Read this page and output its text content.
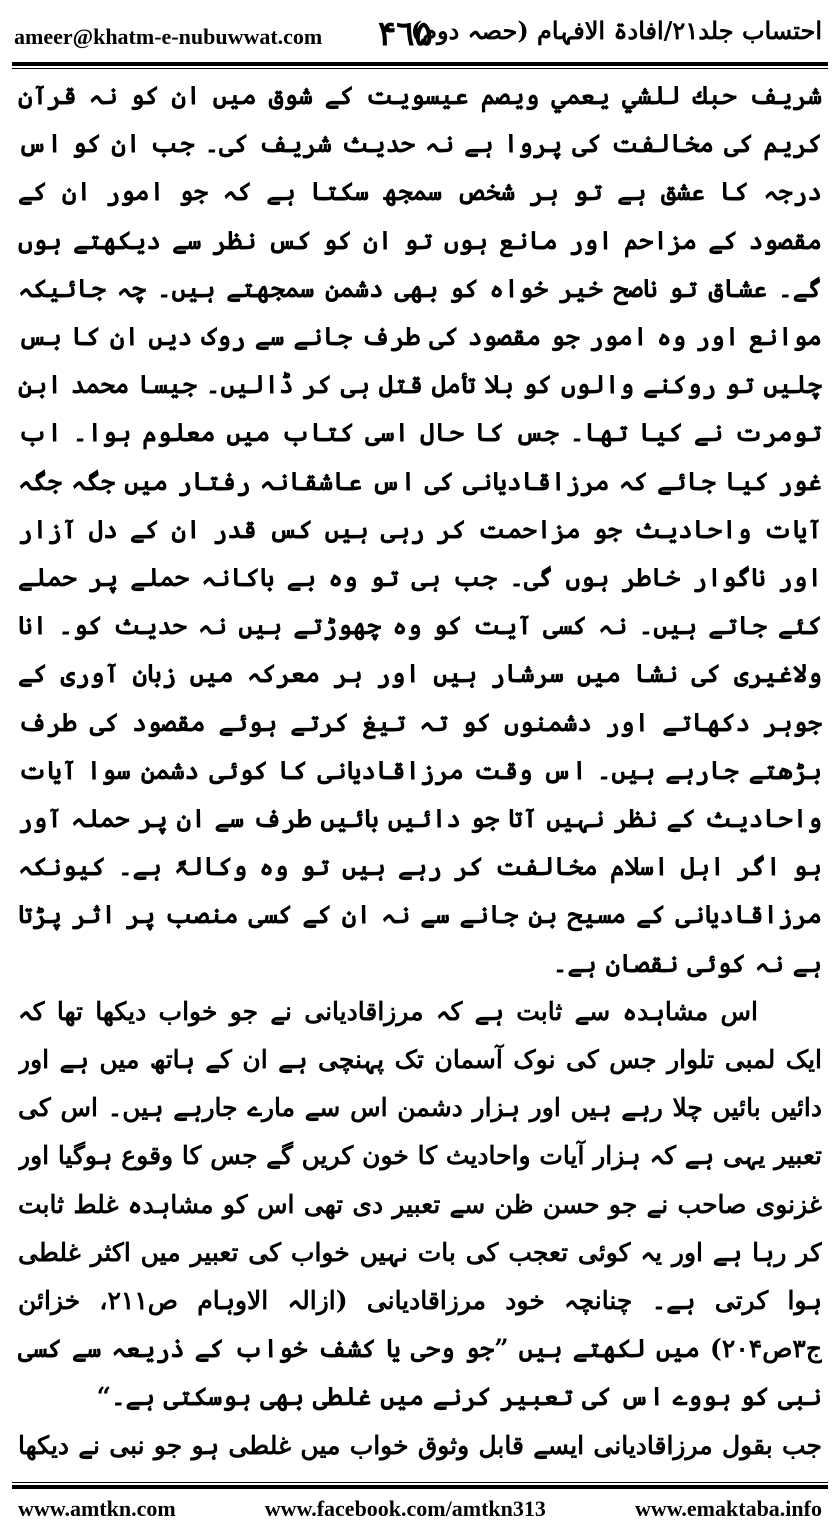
ameer@khatm-e-nubuwwat.com ۴٦۵
احتساب جلد۲۱/افادۃ الافہام (حصہ دوم)

شریف حبك للشي يعمي ويصم عیسویت کے شوق میں ان کو نہ قرآن کریم کی مخالفت کی پروا ہے نہ حدیث شریف کی۔ جب ان کو اس درجہ کا عشق ہے تو ہر شخص سمجھ سکتا ہے کہ جو امور ان کے مقصود کے مزاحم اور مانع ہوں تو ان کو کس نظر سے دیکھتے ہوں گے۔ عشاق تو ناصح خیر خواہ کو بھی دشمن سمجھتے ہیں۔ چہ جائیکہ موانع اور وہ امور جو مقصود کی طرف جانے سے روک دیں ان کا بس چلیں تو روکنے والوں کو بلا تأمل قتل ہی کر ڈالیں۔ جیسا محمد ابن تومرت نے کیا تھا۔ جس کا حال اسی کتاب میں معلوم ہوا۔ اب غور کیا جائے کہ مرزاقادیانی کی اس عاشقانہ رفتار میں جگہ جگہ آیات واحادیث جو مزاحمت کر رہی ہیں کس قدر ان کے دل آزار اور ناگوار خاطر ہوں گی۔ جب ہی تو وہ بے باکانہ حملے پر حملے کئے جاتے ہیں۔ نہ کسی آیت کو وہ چھوڑتے ہیں نہ حدیث کو۔ انا ولاغیری کی نشا میں سرشار ہیں اور ہر معرکہ میں زبان آوری کے جوہر دکھاتے اور دشمنوں کو تہ تیغ کرتے ہوئے مقصود کی طرف بڑھتے جارہے ہیں۔ اس وقت مرزاقادیانی کا کوئی دشمن سوا آیات واحادیث کے نظر نہیں آتا جو دائیں بائیں طرف سے ان پر حملہ آور ہو اگر اہل اسلام مخالفت کر رہے ہیں تو وہ وکالۃً ہے۔ کیونکہ مرزاقادیانی کے مسیح بن جانے سے نہ ان کے کسی منصب پر اثر پڑتا ہے نہ کوئی نقصان ہے۔

اس مشاہدہ سے ثابت ہے کہ مرزاقادیانی نے جو خواب دیکھا تھا کہ ایک لمبی تلوار جس کی نوک آسمان تک پہنچی ہے ان کے ہاتھ میں ہے اور دائیں بائیں چلا رہے ہیں اور ہزار دشمن اس سے مارے جارہے ہیں۔ اس کی تعبیر یہی ہے کہ ہزار آیات واحادیث کا خون کریں گے جس کا وقوع ہوگیا اور غزنوی صاحب نے جو حسن ظن سے تعبیر دی تھی اس کو مشاہدہ غلط ثابت کر رہا ہے اور یہ کوئی تعجب کی بات نہیں خواب کی تعبیر میں اکثر غلطی ہوا کرتی ہے۔ چنانچہ خود مرزاقادیانی (ازالہ الاوہام ص۲۱۱، خزائن ج۳ص۲۰۴) میں لکھتے ہیں ”جو وحی یا کشف خواب کے ذریعہ سے کسی نبی کو ہووے اس کی تعبیر کرنے میں غلطی بھی ہوسکتی ہے۔“

جب بقول مرزاقادیانی ایسے قابل وثوق خواب میں غلطی ہو جو نبی نے دیکھا

www.amtkn.com	www.facebook.com/amtkn313	www.emaktaba.info
